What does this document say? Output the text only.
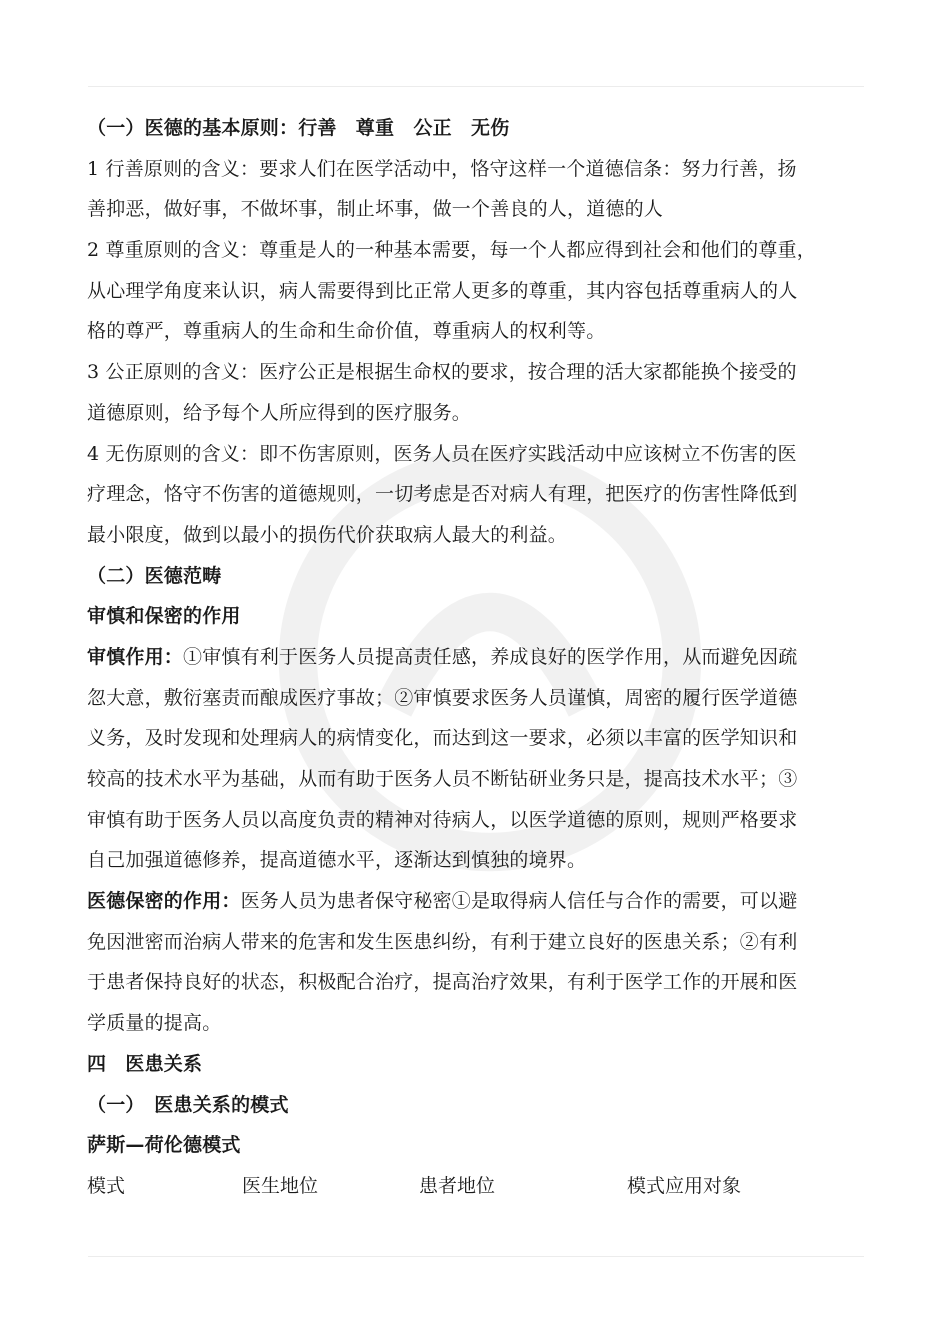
（一）医德的基本原则：行善　尊重　公正　无伤
1 行善原则的含义：要求人们在医学活动中，恪守这样一个道德信条：努力行善，扬
善抑恶，做好事，不做坏事，制止坏事，做一个善良的人，道德的人
2 尊重原则的含义：尊重是人的一种基本需要，每一个人都应得到社会和他们的尊重，
从心理学角度来认识，病人需要得到比正常人更多的尊重，其内容包括尊重病人的人
格的尊严，尊重病人的生命和生命价值，尊重病人的权利等。
3 公正原则的含义：医疗公正是根据生命权的要求，按合理的活大家都能换个接受的
道德原则，给予每个人所应得到的医疗服务。
4 无伤原则的含义：即不伤害原则，医务人员在医疗实践活动中应该树立不伤害的医
疗理念，恪守不伤害的道德规则，一切考虑是否对病人有理，把医疗的伤害性降低到
最小限度，做到以最小的损伤代价获取病人最大的利益。
（二）医德范畴
审慎和保密的作用
审慎作用：①审慎有利于医务人员提高责任感，养成良好的医学作用，从而避免因疏
忽大意，敷衍塞责而酿成医疗事故；②审慎要求医务人员谨慎，周密的履行医学道德
义务，及时发现和处理病人的病情变化，而达到这一要求，必须以丰富的医学知识和
较高的技术水平为基础，从而有助于医务人员不断钻研业务只是，提高技术水平；③
审慎有助于医务人员以高度负责的精神对待病人，以医学道德的原则，规则严格要求
自己加强道德修养，提高道德水平，逐渐达到慎独的境界。
医德保密的作用：医务人员为患者保守秘密①是取得病人信任与合作的需要，可以避
免因泄密而治病人带来的危害和发生医患纠纷，有利于建立良好的医患关系；②有利
于患者保持良好的状态，积极配合治疗，提高治疗效果，有利于医学工作的开展和医
学质量的提高。
四　医患关系
（一）　医患关系的模式
萨斯—荷伦德模式
模式	医生地位	患者地位	模式应用对象
